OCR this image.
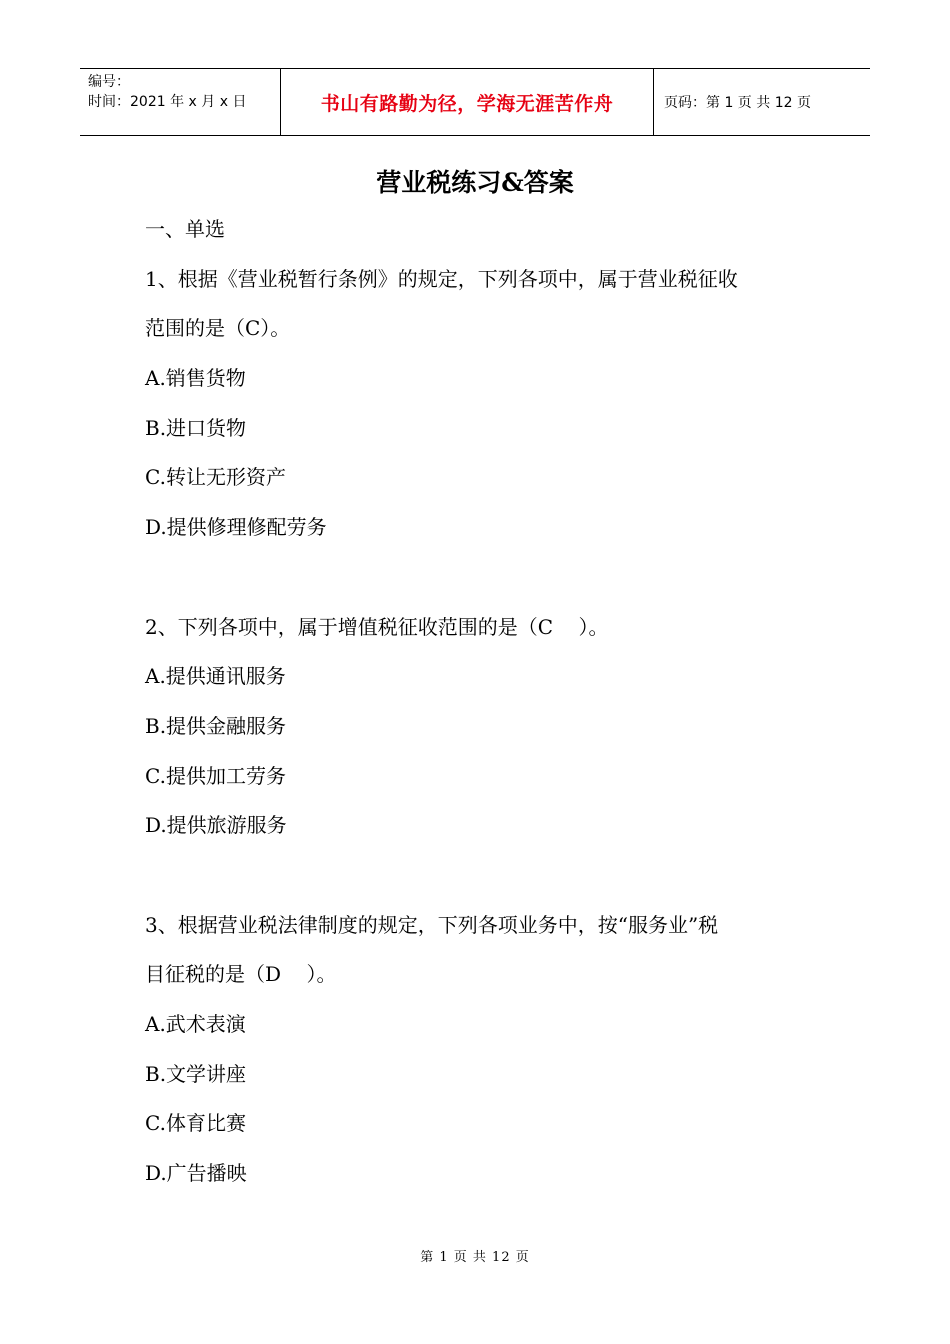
编号：
时间：2021 年 x 月 x 日	书山有路勤为径，学海无涯苦作舟	页码：第 1 页 共 12 页
营业税练习&答案
一、单选
1、根据《营业税暂行条例》的规定，下列各项中，属于营业税征收
范围的是（C）。
A.销售货物
B.进口货物
C.转让无形资产
D.提供修理修配劳务
2、下列各项中，属于增值税征收范围的是（C    ）。
A.提供通讯服务
B.提供金融服务
C.提供加工劳务
D.提供旅游服务
3、根据营业税法律制度的规定，下列各项业务中，按“服务业”税
目征税的是（D    ）。
A.武术表演
B.文学讲座
C.体育比赛
D.广告播映
第 1 页 共 12 页
